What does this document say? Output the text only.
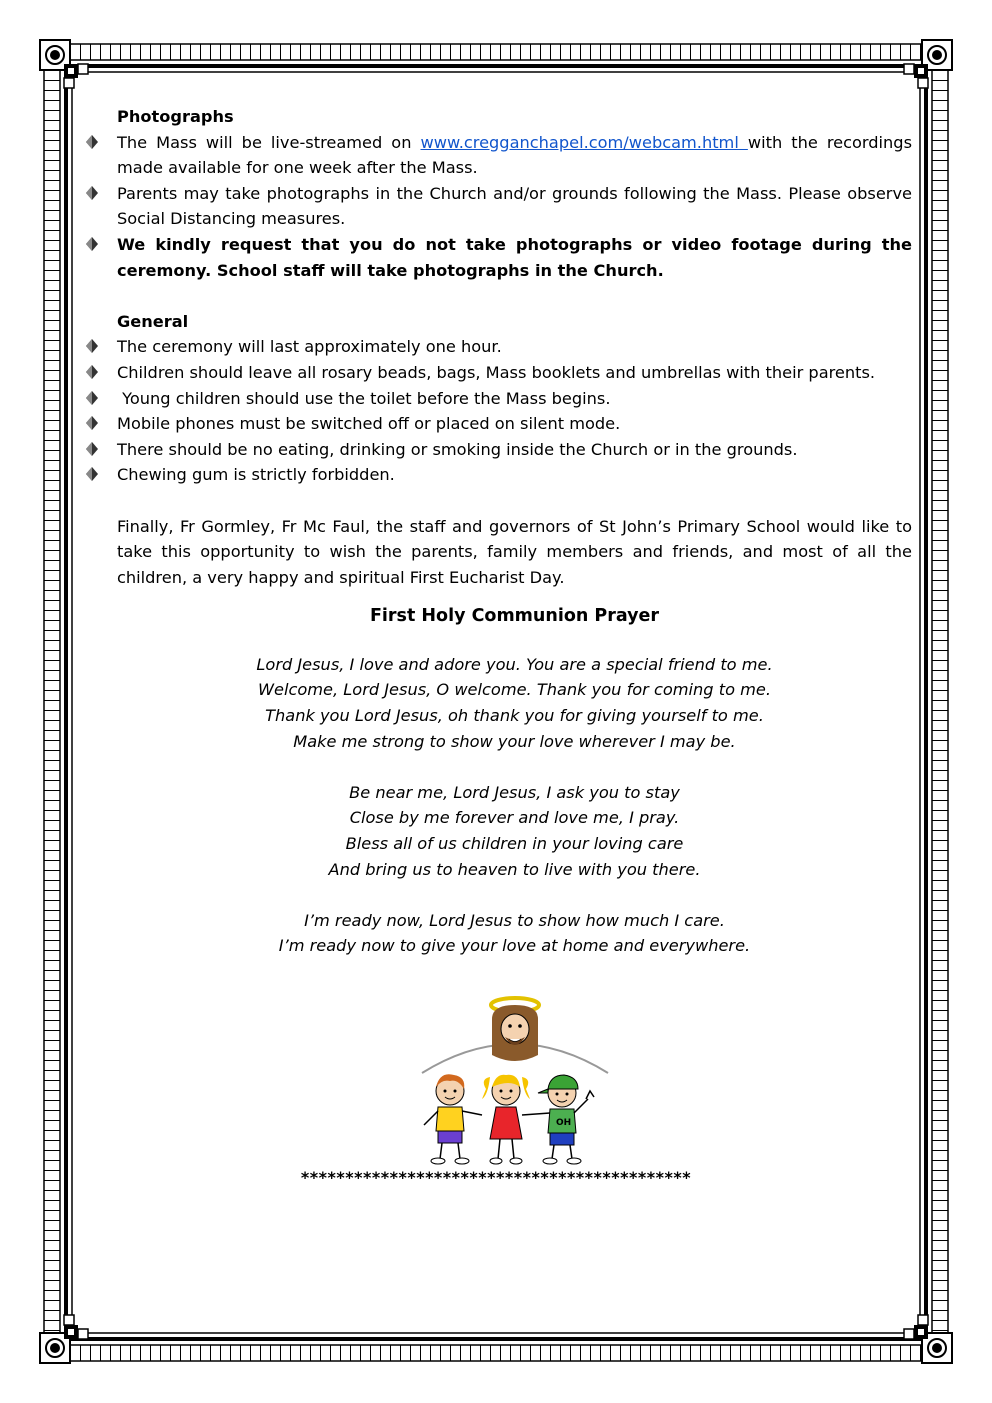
Photographs
The Mass will be live-streamed on www.cregganchapel.com/webcam.html with the recordings made available for one week after the Mass.
Parents may take photographs in the Church and/or grounds following the Mass. Please observe Social Distancing measures.
We kindly request that you do not take photographs or video footage during the ceremony. School staff will take photographs in the Church.
General
The ceremony will last approximately one hour.
Children should leave all rosary beads, bags, Mass booklets and umbrellas with their parents.
Young children should use the toilet before the Mass begins.
Mobile phones must be switched off or placed on silent mode.
There should be no eating, drinking or smoking inside the Church or in the grounds.
Chewing gum is strictly forbidden.
Finally, Fr Gormley, Fr Mc Faul, the staff and governors of St John’s Primary School would like to take this opportunity to wish the parents, family members and friends, and most of all the children, a very happy and spiritual First Eucharist Day.
First Holy Communion Prayer
Lord Jesus, I love and adore you. You are a special friend to me.
Welcome, Lord Jesus, O welcome. Thank you for coming to me.
Thank you Lord Jesus, oh thank you for giving yourself to me.
Make me strong to show your love wherever I may be.
Be near me, Lord Jesus, I ask you to stay
Close by me forever and love me, I pray.
Bless all of us children in your loving care
And bring us to heaven to live with you there.
I’m ready now, Lord Jesus to show how much I care.
I’m ready now to give your love at home and everywhere.
OH
********************************************
